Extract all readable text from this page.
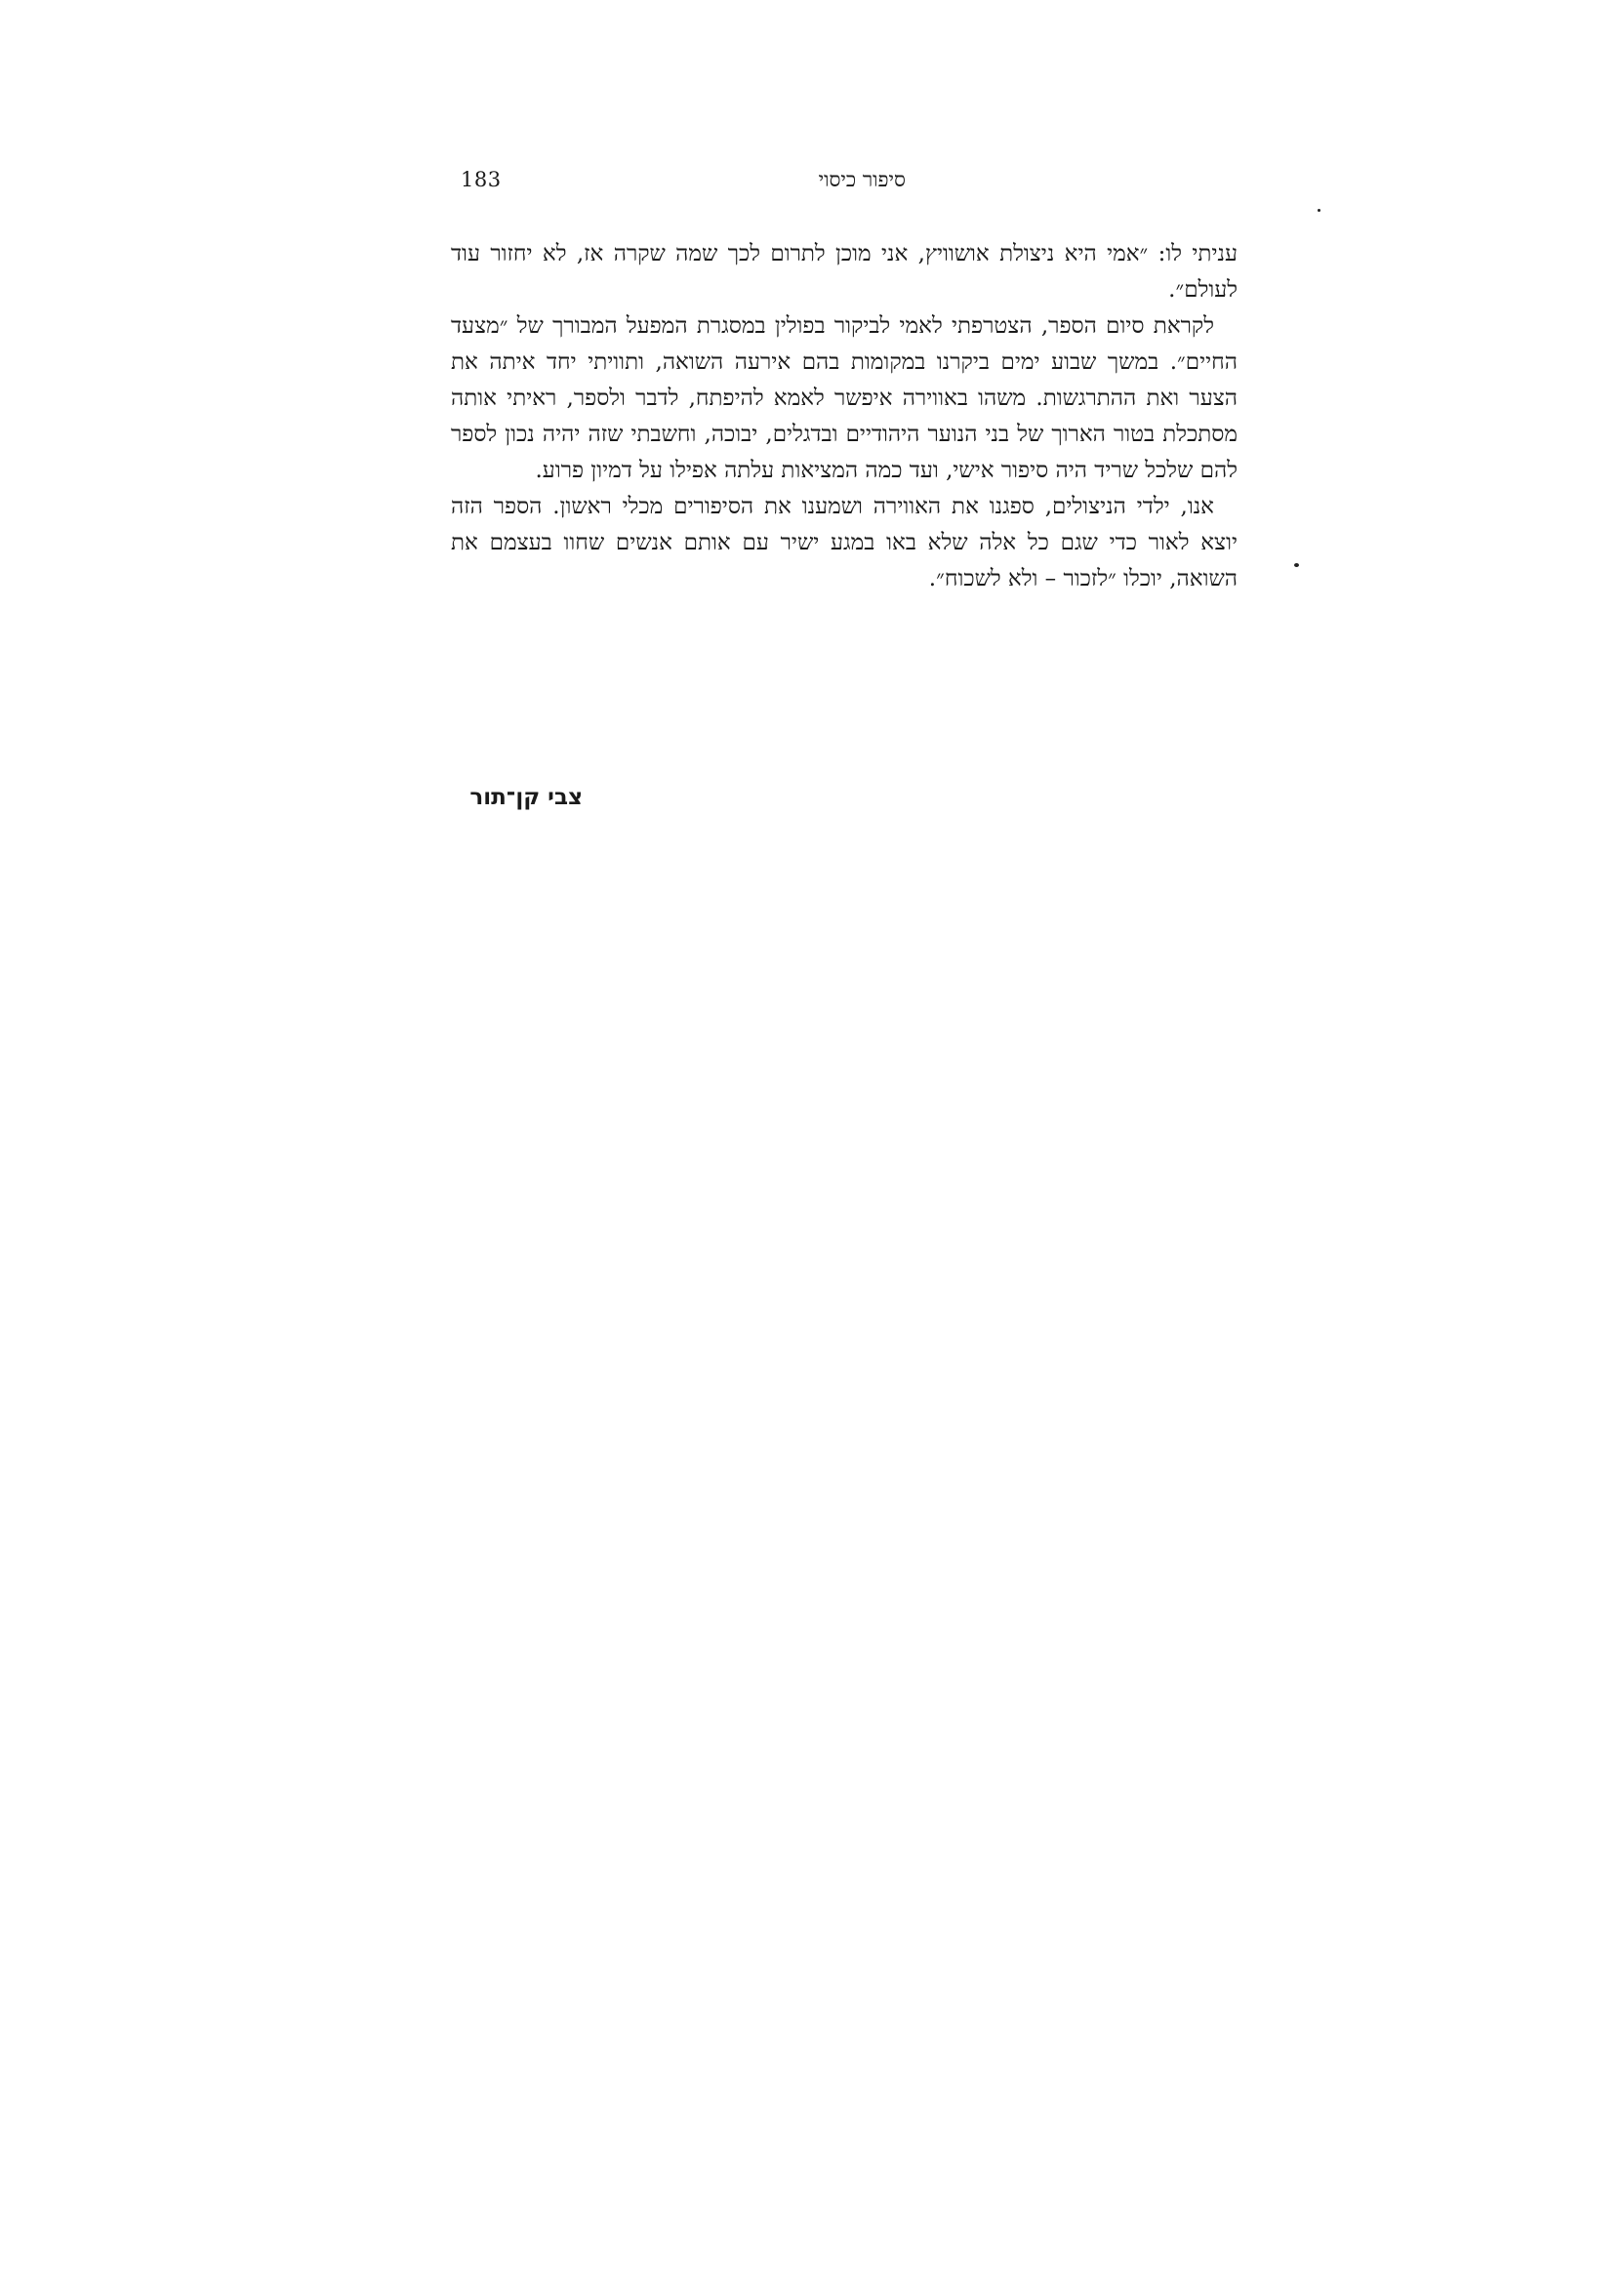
183	סיפור כיסוי

עניתי לו: ״אמי היא ניצולת אושוויץ, אני מוכן לתרום לכך שמה שקרה אז, לא יחזור עוד לעולם״.

לקראת סיום הספר, הצטרפתי לאמי לביקור בפולין במסגרת המפעל המבורך של ״מצעד החיים״. במשך שבוע ימים ביקרנו במקומות בהם אירעה השואה, ותוויתי יחד איתה את הצער ואת ההתרגשות. משהו באווירה איפשר לאמא להיפתח, לדבר ולספר, ראיתי אותה מסתכלת בטור הארוך של בני הנוער היהודיים ובדגלים, יבוכה, וחשבתי שזה יהיה נכון לספר להם שלכל שריד היה סיפור אישי, ועד כמה המציאות עלתה אפילו על דמיון פרוע.

אנו, ילדי הניצולים, ספגנו את האווירה ושמענו את הסיפורים מכלי ראשון. הספר הזה יוצא לאור כדי שגם כל אלה שלא באו במגע ישיר עם אותם אנשים שחוו בעצמם את השואה, יוכלו ״לזכור – ולא לשכוח״.

צבי קן־תור
